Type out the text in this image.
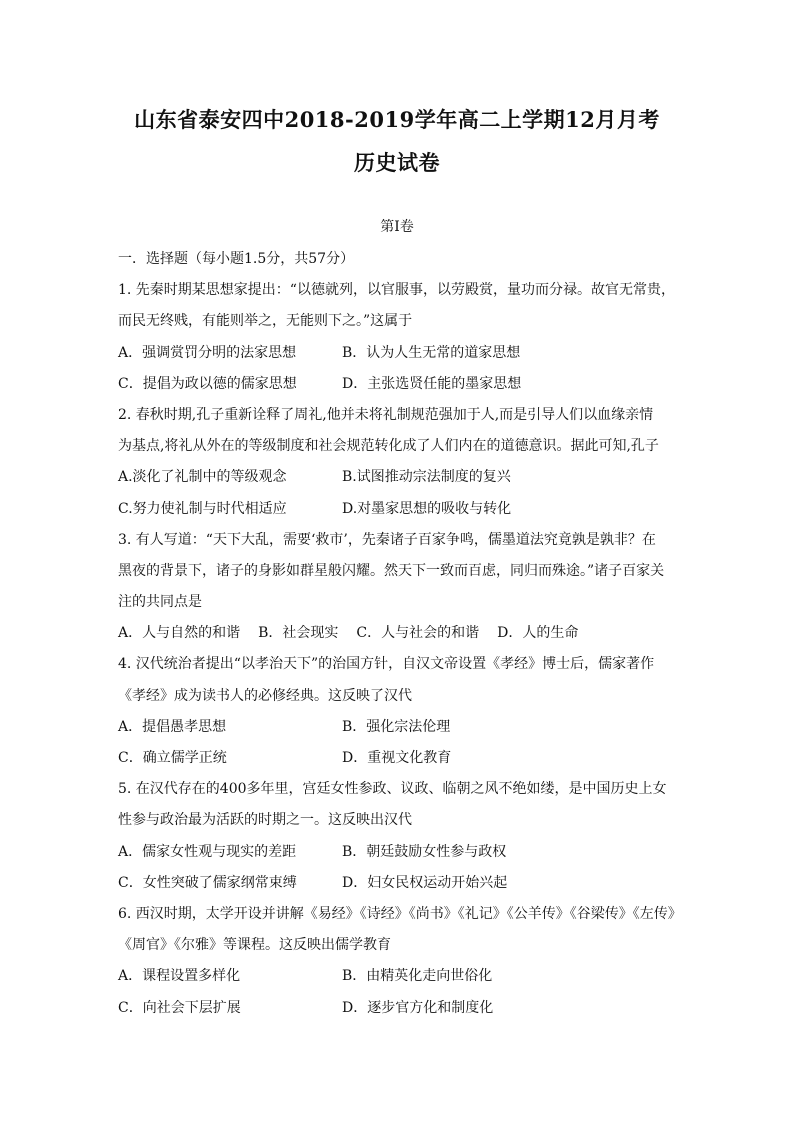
山东省泰安四中2018-2019学年高二上学期12月月考
历史试卷
第Ⅰ卷
一．选择题（每小题1.5分，共57分）
1. 先秦时期某思想家提出：“以德就列，以官服事，以劳殿赏，量功而分禄。故官无常贵，
而民无终贱，有能则举之，无能则下之。”这属于
A．强调赏罚分明的法家思想	B．认为人生无常的道家思想
C．提倡为政以德的儒家思想	D．主张选贤任能的墨家思想
2. 春秋时期,孔子重新诠释了周礼,他并未将礼制规范强加于人,而是引导人们以血缘亲情
为基点,将礼从外在的等级制度和社会规范转化成了人们内在的道德意识。据此可知,孔子
A.淡化了礼制中的等级观念	B.试图推动宗法制度的复兴
C.努力使礼制与时代相适应	D.对墨家思想的吸收与转化
3. 有人写道：“天下大乱，需要‘救市’，先秦诸子百家争鸣，儒墨道法究竟孰是孰非？在
黑夜的背景下，诸子的身影如群星般闪耀。然天下一致而百虑，同归而殊途。”诸子百家关
注的共同点是
A．人与自然的和谐 B．社会现实 C．人与社会的和谐 D．人的生命
4. 汉代统治者提出“以孝治天下”的治国方针，自汉文帝设置《孝经》博士后，儒家著作
《孝经》成为读书人的必修经典。这反映了汉代
A．提倡愚孝思想	B．强化宗法伦理
C．确立儒学正统	D．重视文化教育
5. 在汉代存在的400多年里，宫廷女性参政、议政、临朝之风不绝如缕，是中国历史上女
性参与政治最为活跃的时期之一。这反映出汉代
A．儒家女性观与现实的差距	B．朝廷鼓励女性参与政权
C．女性突破了儒家纲常束缚	D．妇女民权运动开始兴起
6. 西汉时期，太学开设并讲解《易经》《诗经》《尚书》《礼记》《公羊传》《谷梁传》《左传》
《周官》《尔雅》等课程。这反映出儒学教育
A．课程设置多样化	B．由精英化走向世俗化
C．向社会下层扩展	D．逐步官方化和制度化
